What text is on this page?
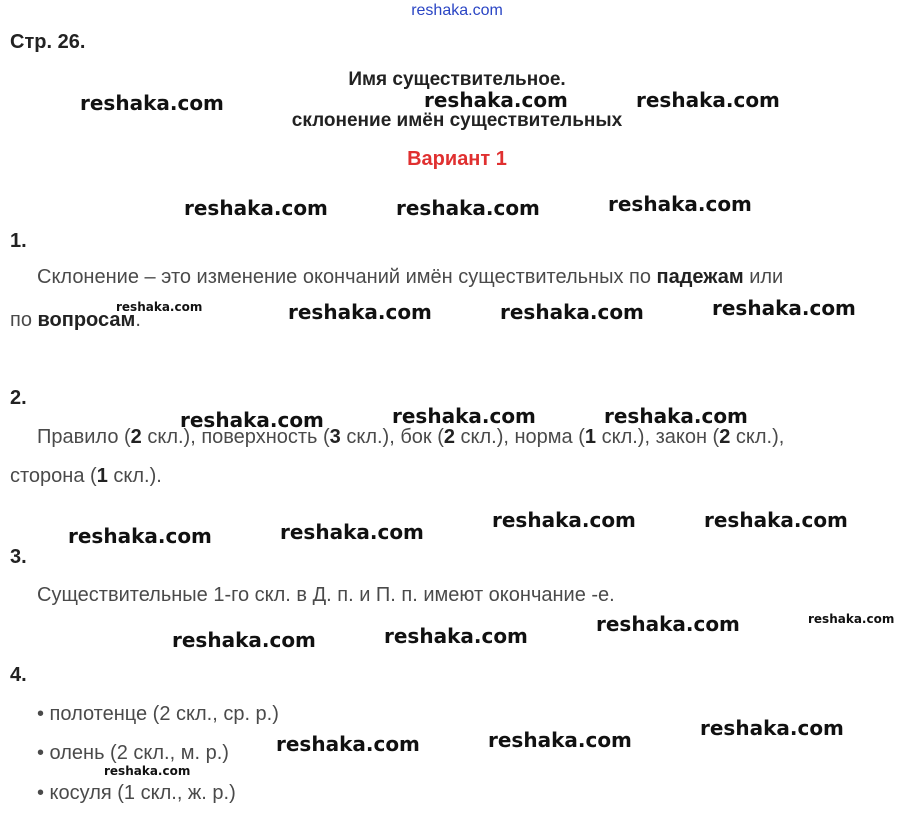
reshaka.com
Стр. 26.
Имя существительное.
склонение имён существительных
Вариант 1
1.
Склонение – это изменение окончаний имён существительных по падежам или
по вопросам.
2.
Правило (2 скл.), поверхность (3 скл.), бок (2 скл.), норма (1 скл.), закон (2 скл.),
сторона (1 скл.).
3.
Существительные 1-го скл. в Д. п. и П. п. имеют окончание -е.
4.
• полотенце (2 скл., ср. р.)
• олень (2 скл., м. р.)
• косуля (1 скл., ж. р.)
reshaka.com	reshaka.com	reshaka.com
reshaka.com	reshaka.com	reshaka.com
reshaka.com	reshaka.com	reshaka.com	reshaka.com
reshaka.com	reshaka.com	reshaka.com
reshaka.com	reshaka.com	reshaka.com	reshaka.com
reshaka.com	reshaka.com	reshaka.com	reshaka.com
reshaka.com
reshaka.com
reshaka.com
reshaka.com
